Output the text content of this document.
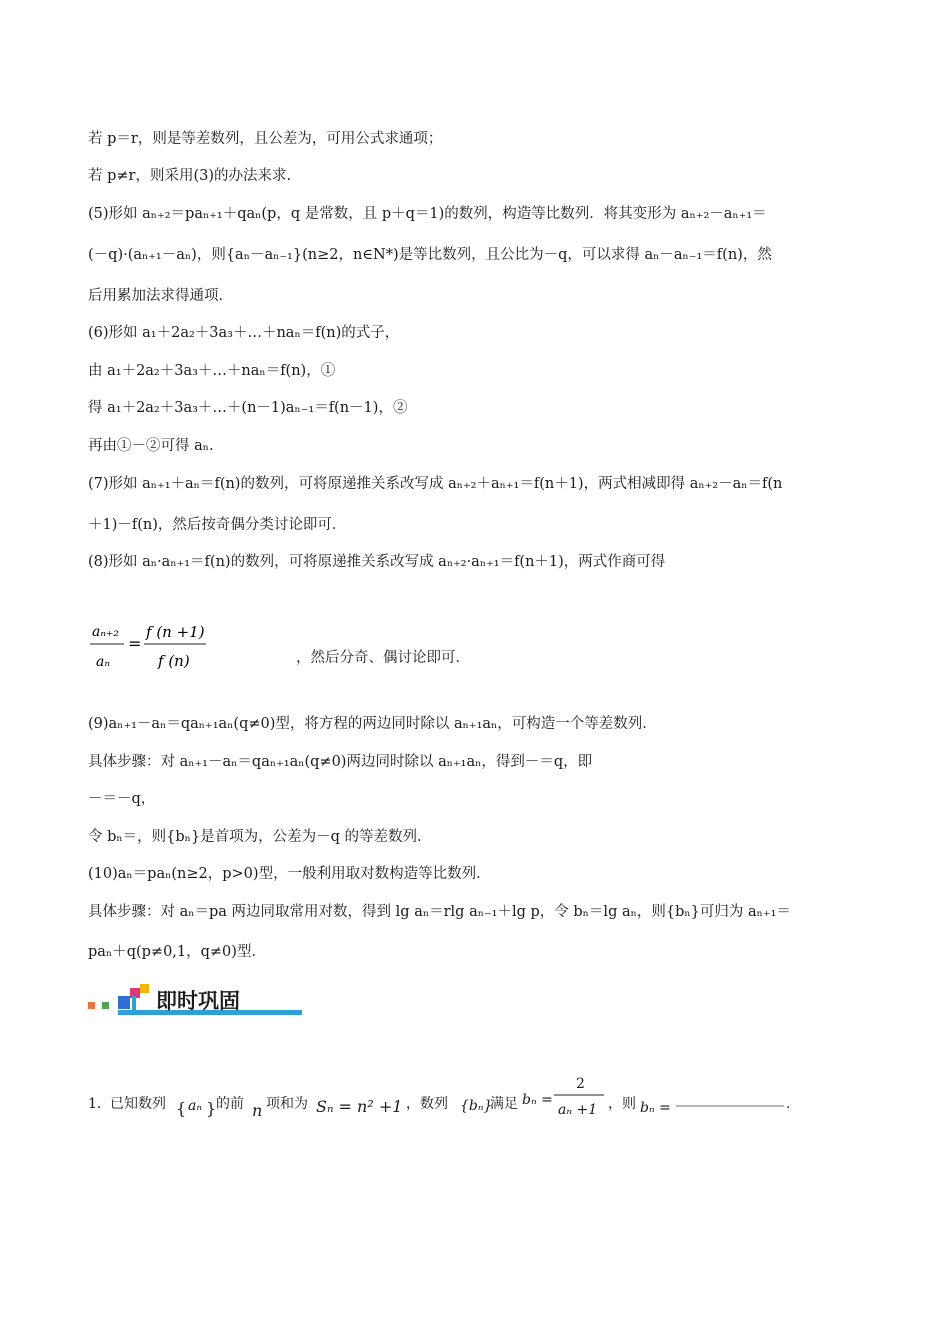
若 p＝r，则是等差数列，且公差为，可用公式求通项；
若 p≠r，则采用(3)的办法来求.
(5)形如 aₙ₊₂＝paₙ₊₁＋qaₙ(p，q 是常数，且 p＋q＝1)的数列，构造等比数列．将其变形为 aₙ₊₂－aₙ₊₁＝
(－q)·(aₙ₊₁－aₙ)，则{aₙ－aₙ₋₁}(n≥2，n∈N*)是等比数列，且公比为－q，可以求得 aₙ－aₙ₋₁＝f(n)，然
后用累加法求得通项．
(6)形如 a₁＋2a₂＋3a₃＋…＋naₙ＝f(n)的式子，
由 a₁＋2a₂＋3a₃＋…＋naₙ＝f(n)，①
得 a₁＋2a₂＋3a₃＋…＋(n－1)aₙ₋₁＝f(n－1)，②
再由①－②可得 aₙ.
(7)形如 aₙ₊₁＋aₙ＝f(n)的数列，可将原递推关系改写成 aₙ₊₂＋aₙ₊₁＝f(n＋1)，两式相减即得 aₙ₊₂－aₙ＝f(n
＋1)－f(n)，然后按奇偶分类讨论即可．
(8)形如 aₙ·aₙ₊₁＝f(n)的数列，可将原递推关系改写成 aₙ₊₂·aₙ₊₁＝f(n＋1)，两式作商可得
aₙ₊₂
aₙ
=
f (n +1)
f (n)	，然后分奇、偶讨论即可．
(9)aₙ₊₁－aₙ＝qaₙ₊₁aₙ(q≠0)型，将方程的两边同时除以 aₙ₊₁aₙ，可构造一个等差数列．
具体步骤：对 aₙ₊₁－aₙ＝qaₙ₊₁aₙ(q≠0)两边同时除以 aₙ₊₁aₙ，得到－＝q，即
－＝－q，
令 bₙ＝，则{bₙ}是首项为，公差为－q 的等差数列．
(10)aₙ＝paₙ(n≥2，p>0)型，一般利用取对数构造等比数列．
具体步骤：对 aₙ＝pa 两边同取常用对数，得到 lg aₙ＝rlg aₙ₋₁＋lg p，令 bₙ＝lg aₙ，则{bₙ}可归为 aₙ₊₁＝
paₙ＋q(p≠0,1，q≠0)型．
即时巩固
1． 已知数列 { aₙ } 的前 n 项和为 Sₙ = n² +1 ，数列 {bₙ}
满足 bₙ =
2
aₙ +1 ，则 bₙ =	.
